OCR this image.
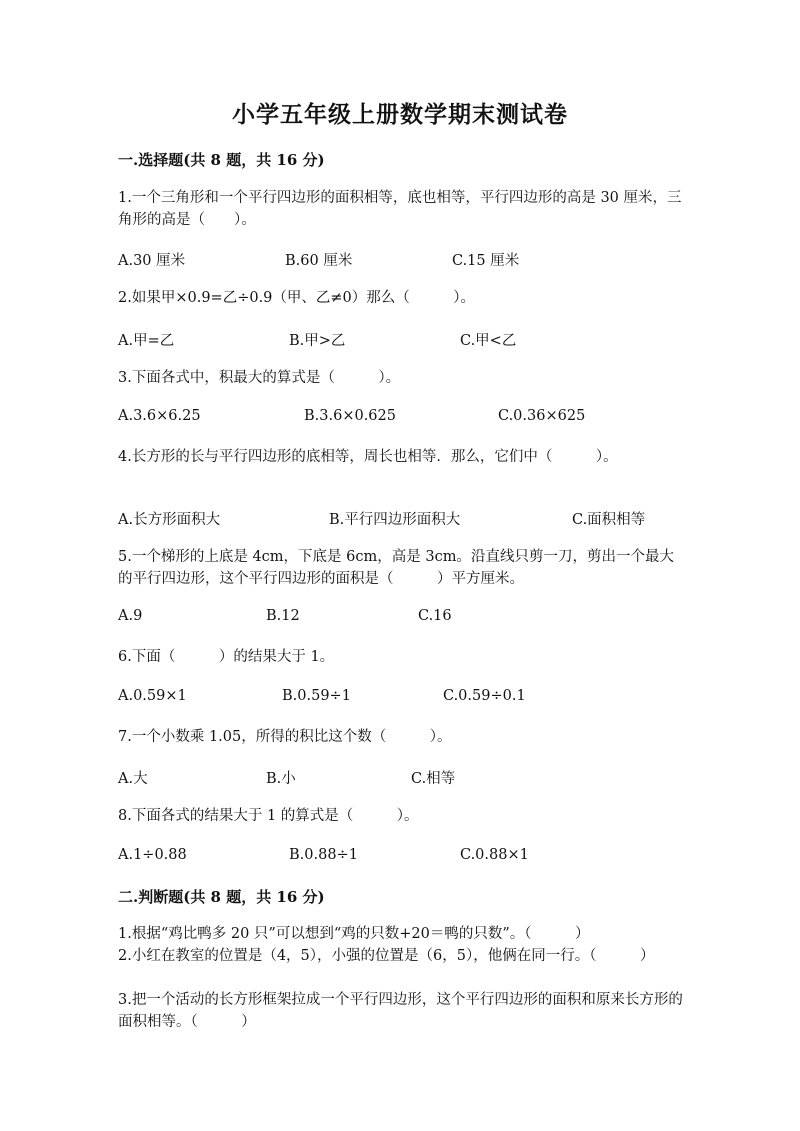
小学五年级上册数学期末测试卷
一.选择题(共 8 题，共 16 分)
1.一个三角形和一个平行四边形的面积相等，底也相等，平行四边形的高是 30 厘米，三角形的高是（　　）。
A.30 厘米	B.60 厘米	C.15 厘米
2.如果甲×0.9=乙÷0.9（甲、乙≠0）那么（　　　）。
A.甲=乙	B.甲>乙	C.甲<乙
3.下面各式中，积最大的算式是（　　　）。
A.3.6×6.25	B.3.6×0.625	C.0.36×625
4.长方形的长与平行四边形的底相等，周长也相等．那么，它们中（　　　）。
A.长方形面积大	B.平行四边形面积大	C.面积相等
5.一个梯形的上底是 4cm，下底是 6cm，高是 3cm。沿直线只剪一刀，剪出一个最大的平行四边形，这个平行四边形的面积是（　　　）平方厘米。
A.9	B.12	C.16
6.下面（　　　）的结果大于 1。
A.0.59×1	B.0.59÷1	C.0.59÷0.1
7.一个小数乘 1.05，所得的积比这个数（　　　）。
A.大	B.小	C.相等
8.下面各式的结果大于 1 的算式是（　　　）。
A.1÷0.88	B.0.88÷1	C.0.88×1
二.判断题(共 8 题，共 16 分)
1.根据“鸡比鸭多 20 只”可以想到“鸡的只数+20＝鸭的只数”。（　　　）
2.小红在教室的位置是（4，5），小强的位置是（6，5），他俩在同一行。（　　　）
3.把一个活动的长方形框架拉成一个平行四边形，这个平行四边形的面积和原来长方形的面积相等。（　　　）
